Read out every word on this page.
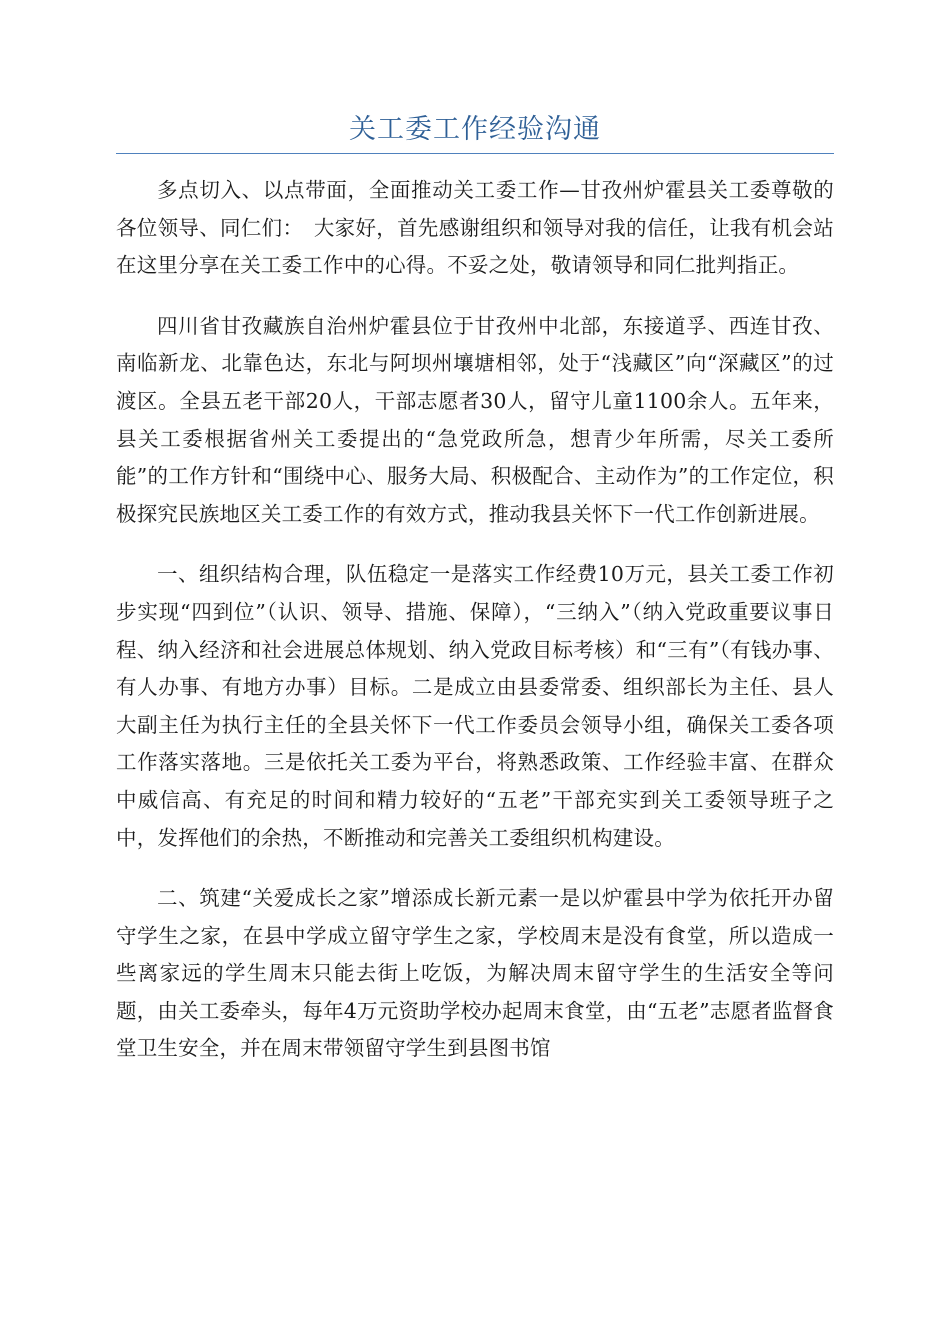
关工委工作经验沟通

多点切入、以点带面，全面推动关工委工作—甘孜州炉霍县关工委尊敬的各位领导、同仁们：　大家好，首先感谢组织和领导对我的信任，让我有机会站在这里分享在关工委工作中的心得。不妥之处，敬请领导和同仁批判指正。

四川省甘孜藏族自治州炉霍县位于甘孜州中北部，东接道孚、西连甘孜、南临新龙、北靠色达，东北与阿坝州壤塘相邻，处于“浅藏区”向“深藏区”的过渡区。全县五老干部20人，干部志愿者30人，留守儿童1100余人。五年来，县关工委根据省州关工委提出的“急党政所急，想青少年所需，尽关工委所能”的工作方针和“围绕中心、服务大局、积极配合、主动作为”的工作定位，积极探究民族地区关工委工作的有效方式，推动我县关怀下一代工作创新进展。

一、组织结构合理，队伍稳定一是落实工作经费10万元，县关工委工作初步实现“四到位”（认识、领导、措施、保障），“三纳入”（纳入党政重要议事日程、纳入经济和社会进展总体规划、纳入党政目标考核）和“三有”（有钱办事、有人办事、有地方办事）目标。二是成立由县委常委、组织部长为主任、县人大副主任为执行主任的全县关怀下一代工作委员会领导小组，确保关工委各项工作落实落地。三是依托关工委为平台，将熟悉政策、工作经验丰富、在群众中威信高、有充足的时间和精力较好的“五老”干部充实到关工委领导班子之中，发挥他们的余热，不断推动和完善关工委组织机构建设。

二、筑建“关爱成长之家”增添成长新元素一是以炉霍县中学为依托开办留守学生之家，在县中学成立留守学生之家，学校周末是没有食堂，所以造成一些离家远的学生周末只能去街上吃饭，为解决周末留守学生的生活安全等问题，由关工委牵头，每年4万元资助学校办起周末食堂，由“五老”志愿者监督食堂卫生安全，并在周末带领留守学生到县图书馆
